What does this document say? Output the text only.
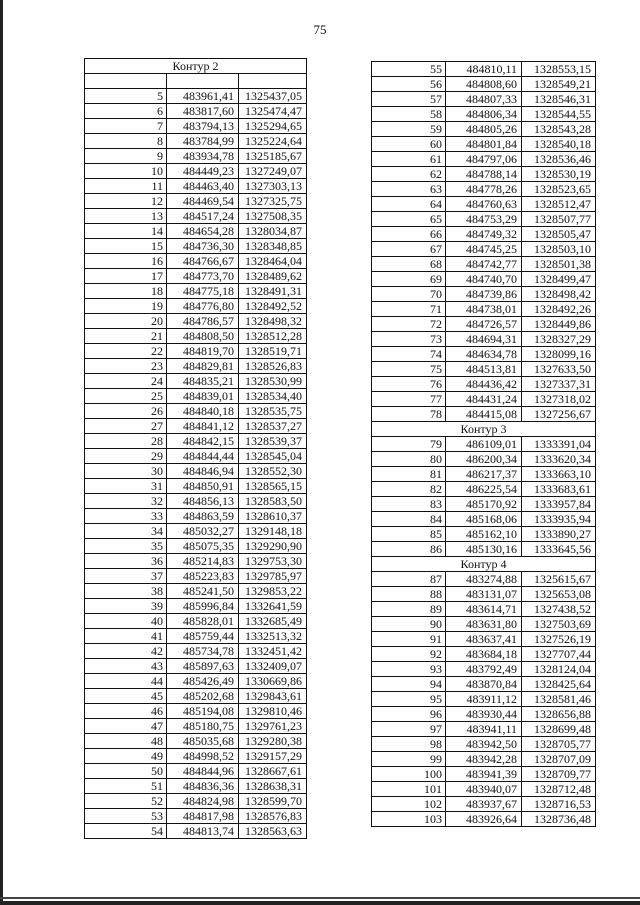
75
Контур 2		

5	483961,41	1325437,05
6	483817,60	1325474,47
7	483794,13	1325294,65
8	483784,99	1325224,64
9	483934,78	1325185,67
10	484449,23	1327249,07
11	484463,40	1327303,13
12	484469,54	1327325,75
13	484517,24	1327508,35
14	484654,28	1328034,87
15	484736,30	1328348,85
16	484766,67	1328464,04
17	484773,70	1328489,62
18	484775,18	1328491,31
19	484776,80	1328492,52
20	484786,57	1328498,32
21	484808,50	1328512,28
22	484819,70	1328519,71
23	484829,81	1328526,83
24	484835,21	1328530,99
25	484839,01	1328534,40
26	484840,18	1328535,75
27	484841,12	1328537,27
28	484842,15	1328539,37
29	484844,44	1328545,04
30	484846,94	1328552,30
31	484850,91	1328565,15
32	484856,13	1328583,50
33	484863,59	1328610,37
34	485032,27	1329148,18
35	485075,35	1329290,90
36	485214,83	1329753,30
37	485223,83	1329785,97
38	485241,50	1329853,22
39	485996,84	1332641,59
40	485828,01	1332685,49
41	485759,44	1332513,32
42	485734,78	1332451,42
43	485897,63	1332409,07
44	485426,49	1330669,86
45	485202,68	1329843,61
46	485194,08	1329810,46
47	485180,75	1329761,23
48	485035,68	1329280,38
49	484998,52	1329157,29
50	484844,96	1328667,61
51	484836,36	1328638,31
52	484824,98	1328599,70
53	484817,98	1328576,83
54	484813,74	1328563,63
55	484810,11	1328553,15
56	484808,60	1328549,21
57	484807,33	1328546,31
58	484806,34	1328544,55
59	484805,26	1328543,28
60	484801,84	1328540,18
61	484797,06	1328536,46
62	484788,14	1328530,19
63	484778,26	1328523,65
64	484760,63	1328512,47
65	484753,29	1328507,77
66	484749,32	1328505,47
67	484745,25	1328503,10
68	484742,77	1328501,38
69	484740,70	1328499,47
70	484739,86	1328498,42
71	484738,01	1328492,26
72	484726,57	1328449,86
73	484694,31	1328327,29
74	484634,78	1328099,16
75	484513,81	1327633,50
76	484436,42	1327337,31
77	484431,24	1327318,02
78	484415,08	1327256,67
Контур 3		
79	486109,01	1333391,04
80	486200,34	1333620,34
81	486217,37	1333663,10
82	486225,54	1333683,61
83	485170,92	1333957,84
84	485168,06	1333935,94
85	485162,10	1333890,27
86	485130,16	1333645,56
Контур 4		
87	483274,88	1325615,67
88	483131,07	1325653,08
89	483614,71	1327438,52
90	483631,80	1327503,69
91	483637,41	1327526,19
92	483684,18	1327707,44
93	483792,49	1328124,04
94	483870,84	1328425,64
95	483911,12	1328581,46
96	483930,44	1328656,88
97	483941,11	1328699,48
98	483942,50	1328705,77
99	483942,28	1328707,09
100	483941,39	1328709,77
101	483940,07	1328712,48
102	483937,67	1328716,53
103	483926,64	1328736,48
